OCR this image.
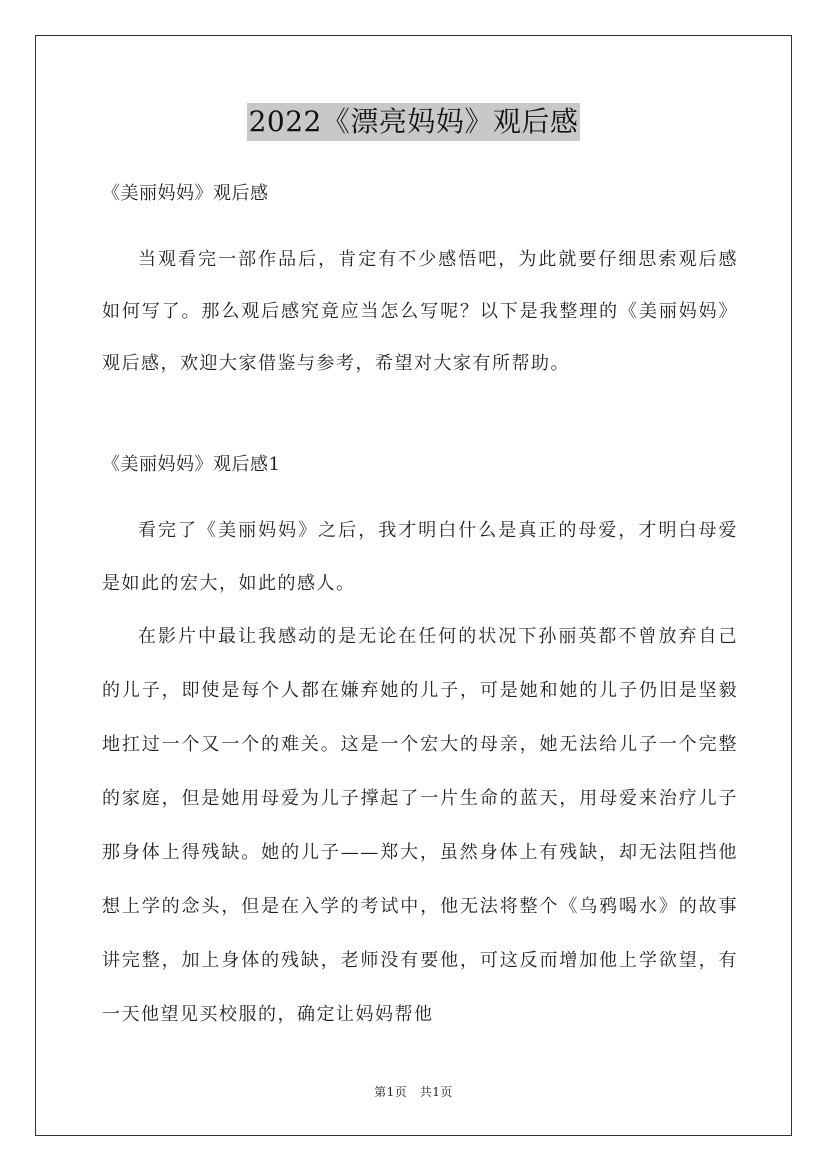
2022《漂亮妈妈》观后感
《美丽妈妈》观后感

当观看完一部作品后，肯定有不少感悟吧，为此就要仔细思索观后感如何写了。那么观后感究竟应当怎么写呢？以下是我整理的《美丽妈妈》观后感，欢迎大家借鉴与参考，希望对大家有所帮助。

《美丽妈妈》观后感1

看完了《美丽妈妈》之后，我才明白什么是真正的母爱，才明白母爱是如此的宏大，如此的感人。

在影片中最让我感动的是无论在任何的状况下孙丽英都不曾放弃自己的儿子，即使是每个人都在嫌弃她的儿子，可是她和她的儿子仍旧是坚毅地扛过一个又一个的难关。这是一个宏大的母亲，她无法给儿子一个完整的家庭，但是她用母爱为儿子撑起了一片生命的蓝天，用母爱来治疗儿子那身体上得残缺。她的儿子——郑大，虽然身体上有残缺，却无法阻挡他想上学的念头，但是在入学的考试中，他无法将整个《乌鸦喝水》的故事讲完整，加上身体的残缺，老师没有要他，可这反而增加他上学欲望，有一天他望见买校服的，确定让妈妈帮他

第1页　共1页
